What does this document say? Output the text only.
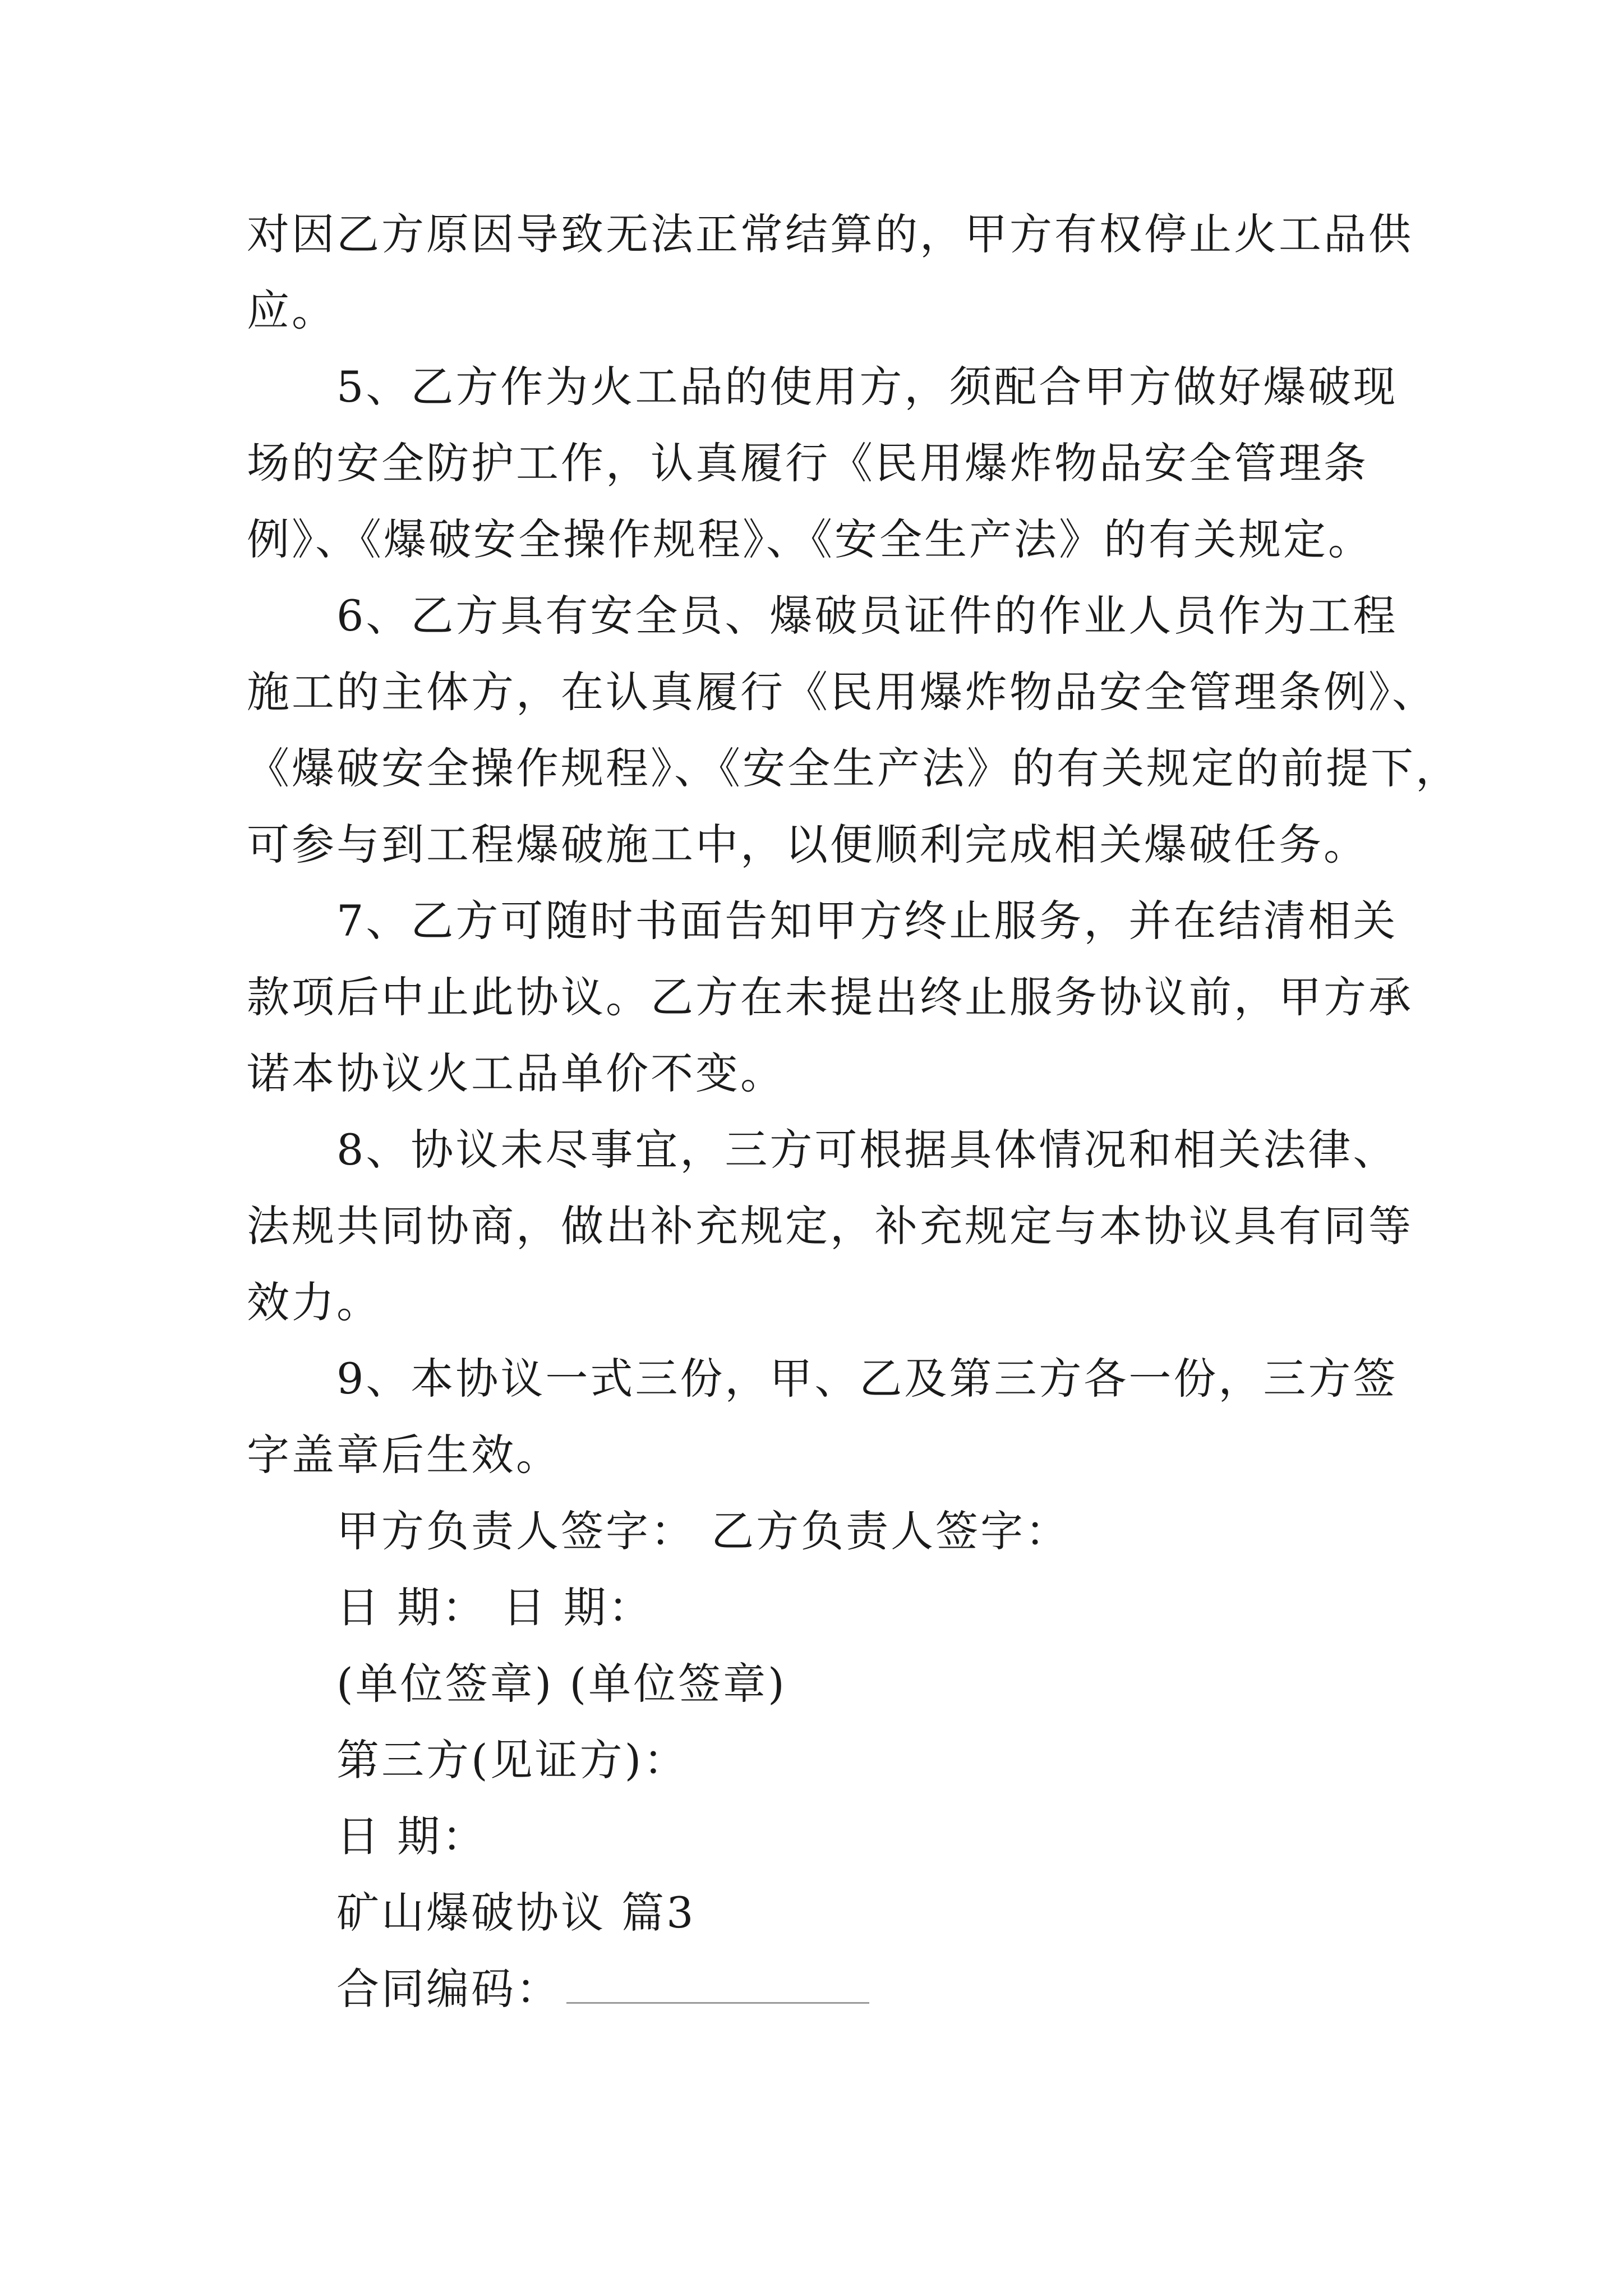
对因乙方原因导致无法正常结算的，甲方有权停止火工品供
应。
5、乙方作为火工品的使用方，须配合甲方做好爆破现
场的安全防护工作，认真履行《民用爆炸物品安全管理条
例》、《爆破安全操作规程》、《安全生产法》的有关规定。
6、乙方具有安全员、爆破员证件的作业人员作为工程
施工的主体方，在认真履行《民用爆炸物品安全管理条例》、
《爆破安全操作规程》、《安全生产法》的有关规定的前提下，
可参与到工程爆破施工中，以便顺利完成相关爆破任务。
7、乙方可随时书面告知甲方终止服务，并在结清相关
款项后中止此协议。乙方在未提出终止服务协议前，甲方承
诺本协议火工品单价不变。
8、协议未尽事宜，三方可根据具体情况和相关法律、
法规共同协商，做出补充规定，补充规定与本协议具有同等
效力。
9、本协议一式三份，甲、乙及第三方各一份，三方签
字盖章后生效。
甲方负责人签字： 乙方负责人签字：
日 期： 日 期：
(单位签章) (单位签章)
第三方(见证方)：
日 期：
矿山爆破协议 篇3
合同编码：
